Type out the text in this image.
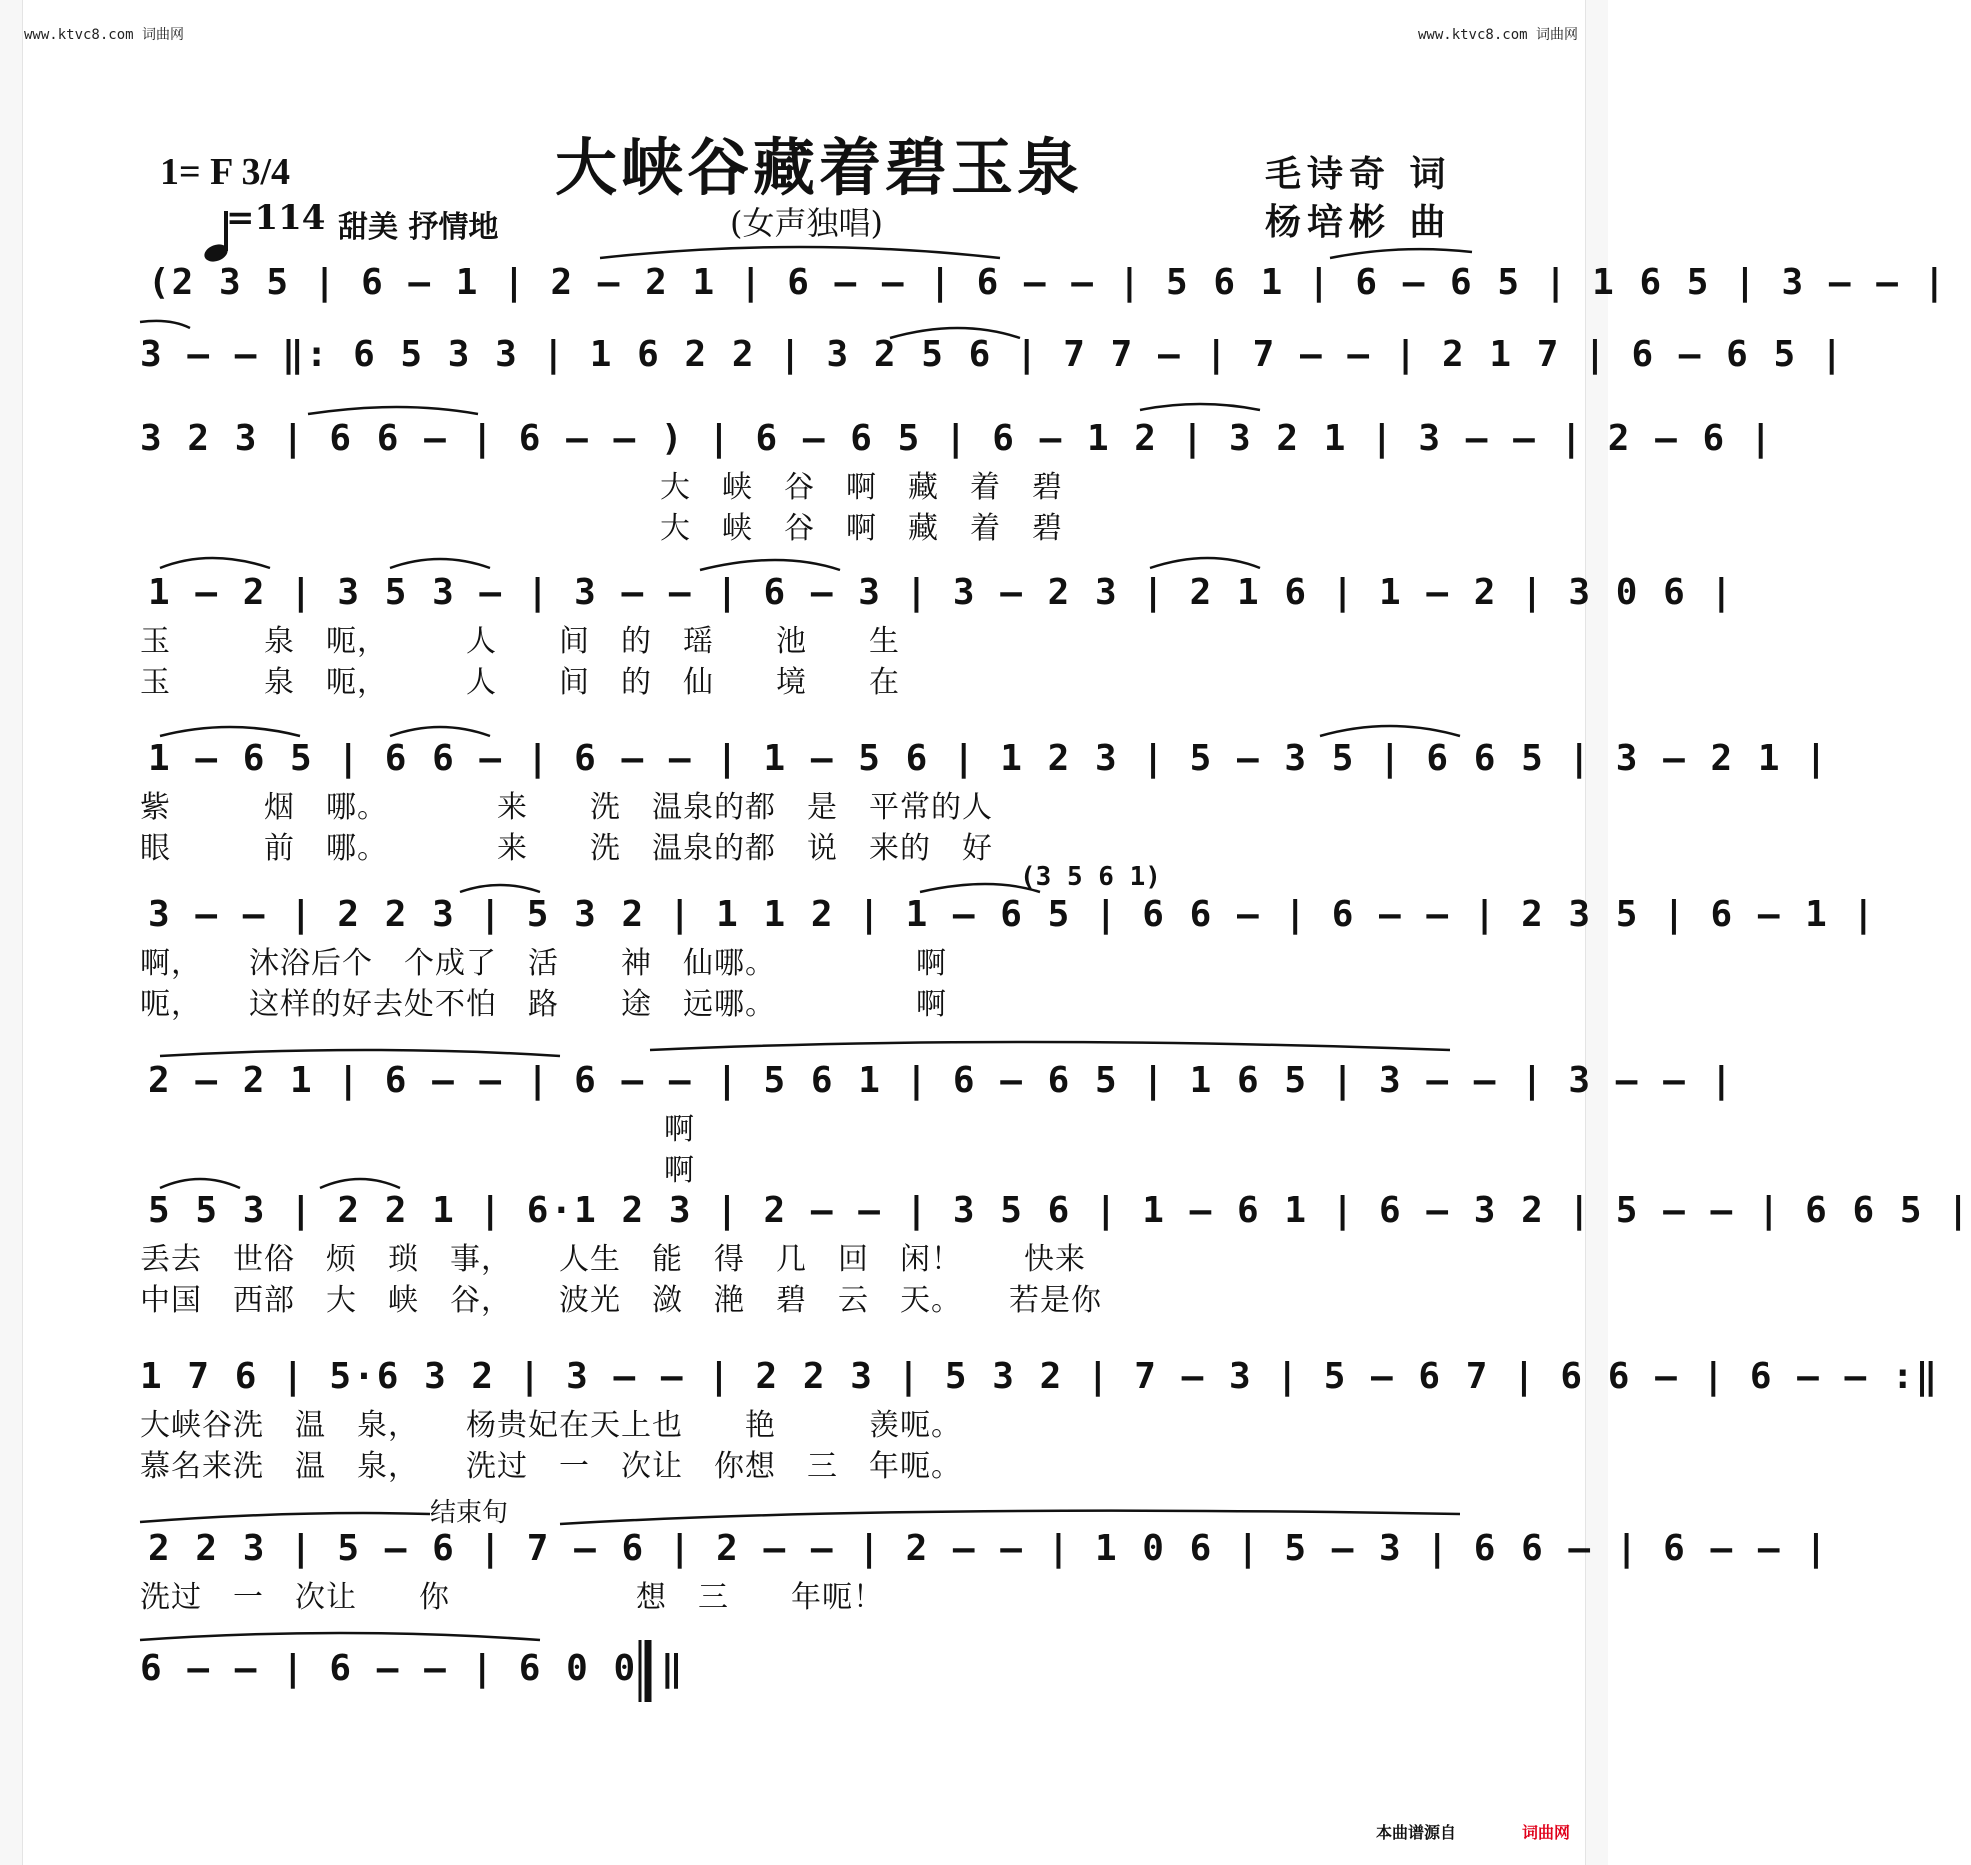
www.ktvc8.com 词曲网	www.ktvc8.com 词曲网
大峡谷藏着碧玉泉
(女声独唱)
1= F 3/4

=114 甜美 抒情地
毛诗奇 词
杨培彬 曲
(2 3 5 | 6 — 1 | 2 — 2 1 | 6 — — | 6 — — | 5 6 1 | 6 — 6 5 | 1 6 5 | 3 — — |
3 — — ‖: 6 5 3 3 | 1 6 2 2 | 3 2 5 6 | 7 7 — | 7 — — | 2 1 7 | 6 — 6 5 |
3 2 3 | 6 6 — | 6 — — ) | 6 — 6 5 | 6 — 1 2 | 3 2 1 | 3 — — | 2 — 6 |
大　峡　谷　啊　藏　着　碧
大　峡　谷　啊　藏　着　碧
1 — 2 | 3 5 3 — | 3 — — | 6 — 3 | 3 — 2 3 | 2 1 6 | 1 — 2 | 3 0 6 |
玉　　　泉　呃，　　　人　　间　的　瑶　　池　　生
玉　　　泉　呃，　　　人　　间　的　仙　　境　　在
1 — 6 5 | 6 6 — | 6 — — | 1 — 5 6 | 1 2 3 | 5 — 3 5 | 6 6 5 | 3 — 2 1 |
紫　　　烟　哪。　　　　来　　洗　温泉的都　是　平常的人
眼　　　前　哪。　　　　来　　洗　温泉的都　说　来的　好
(3 5 6 1)
3 — — | 2 2 3 | 5 3 2 | 1 1 2 | 1 — 6 5 | 6 6 — | 6 — — | 2 3 5 | 6 — 1 |
啊，　　沐浴后个　个成了　活　　神　仙哪。　　　　　啊
呃，　　这样的好去处不怕　路　　途　远哪。　　　　　啊
2 — 2 1 | 6 — — | 6 — — | 5 6 1 | 6 — 6 5 | 1 6 5 | 3 — — | 3 — — |
啊
啊
5 5 3 | 2 2 1 | 6·1 2 3 | 2 — — | 3 5 6 | 1 — 6 1 | 6 — 3 2 | 5 — — | 6 6 5 |
丢去　世俗　烦　琐　事，　　人生　能　得　几　回　闲！　　快来
中国　西部　大　峡　谷，　　波光　潋　滟　碧　云　天。　　若是你
1 7 6 | 5·6 3 2 | 3 — — | 2 2 3 | 5 3 2 | 7 — 3 | 5 — 6 7 | 6 6 — | 6 — — :‖
大峡谷洗　温　泉，　　杨贵妃在天上也　　艳　　　羡呃。
慕名来洗　温　泉，　　洗过　一　次让　你想　三　年呃。
结束句
2 2 3 | 5 — 6 | 7 — 6 | 2 — — | 2 — — | 1 0 6 | 5 — 3 | 6 6 — | 6 — — |
洗过　一　次让　　你　　　　　　想　三　　年呃！
6 — — | 6 — — | 6 0 0 ‖
本曲谱源自	词曲网
